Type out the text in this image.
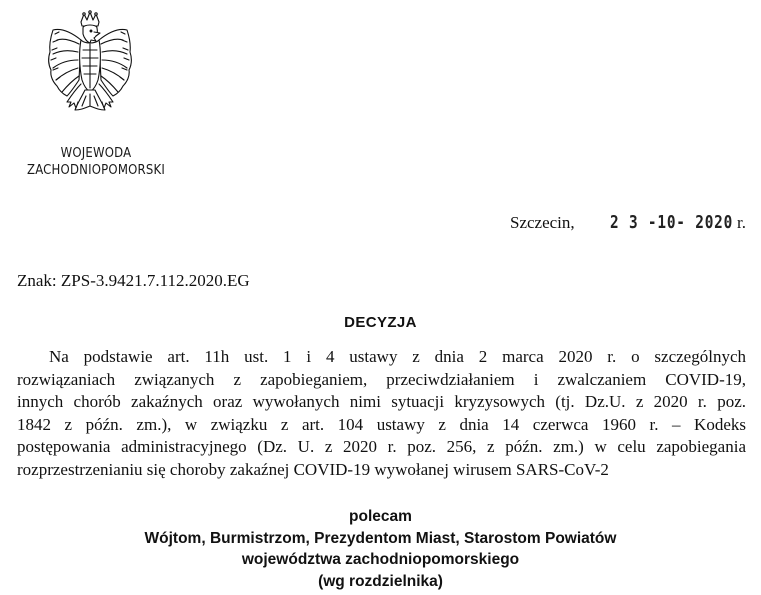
WOJEWODA
ZACHODNIOPOMORSKI
Szczecin, 2 3 -10- 2020 r.
Znak: ZPS-3.9421.7.112.2020.EG
DECYZJA
Na podstawie art. 11h ust. 1 i 4 ustawy z dnia 2 marca 2020 r. o szczególnych
rozwiązaniach związanych z zapobieganiem, przeciwdziałaniem i zwalczaniem COVID-19,
innych chorób zakaźnych oraz wywołanych nimi sytuacji kryzysowych (tj. Dz.U. z 2020 r. poz.
1842 z późn. zm.), w związku z art. 104 ustawy z dnia 14 czerwca 1960 r. – Kodeks
postępowania administracyjnego (Dz. U. z 2020 r. poz. 256, z późn. zm.) w celu zapobiegania
rozprzestrzenianiu się choroby zakaźnej COVID-19 wywołanej wirusem SARS-CoV-2
polecam
Wójtom, Burmistrzom, Prezydentom Miast, Starostom Powiatów
województwa zachodniopomorskiego
(wg rozdzielnika)
